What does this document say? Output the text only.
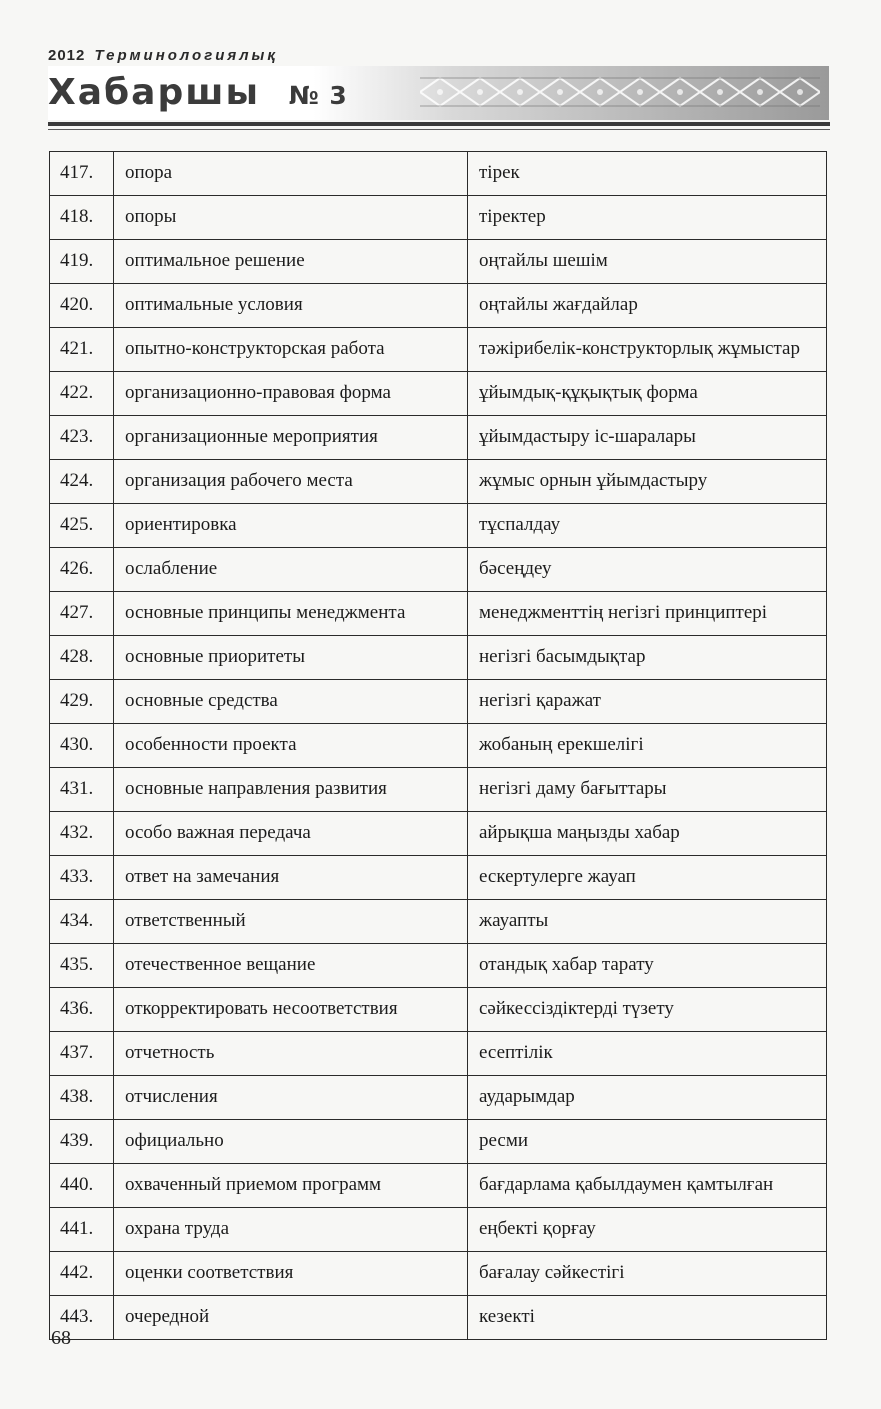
2012 Терминологиялық
Хабаршы № 3
417.	опора	тірек
418.	опоры	тіректер
419.	оптимальное решение	оңтайлы шешім
420.	оптимальные условия	оңтайлы жағдайлар
421.	опытно-конструкторская работа	тәжірибелік-конструкторлық жұмыстар
422.	организационно-правовая форма	ұйымдық-құқықтық форма
423.	организационные мероприятия	ұйымдастыру іс-шаралары
424.	организация рабочего места	жұмыс орнын ұйымдастыру
425.	ориентировка	тұспалдау
426.	ослабление	бәсеңдеу
427.	основные принципы менеджмента	менеджменттің негізгі принциптері
428.	основные приоритеты	негізгі басымдықтар
429.	основные средства	негізгі қаражат
430.	особенности проекта	жобаның ерекшелігі
431.	основные направления развития	негізгі даму бағыттары
432.	особо важная передача	айрықша маңызды хабар
433.	ответ на замечания	ескертулерге жауап
434.	ответственный	жауапты
435.	отечественное вещание	отандық хабар тарату
436.	откорректировать несоответствия	сәйкессіздіктерді түзету
437.	отчетность	есептілік
438.	отчисления	аударымдар
439.	официально	ресми
440.	охваченный приемом программ	бағдарлама қабылдаумен қамтылған
441.	охрана труда	еңбекті қорғау
442.	оценки соответствия	бағалау сәйкестігі
443.	очередной	кезекті
68
